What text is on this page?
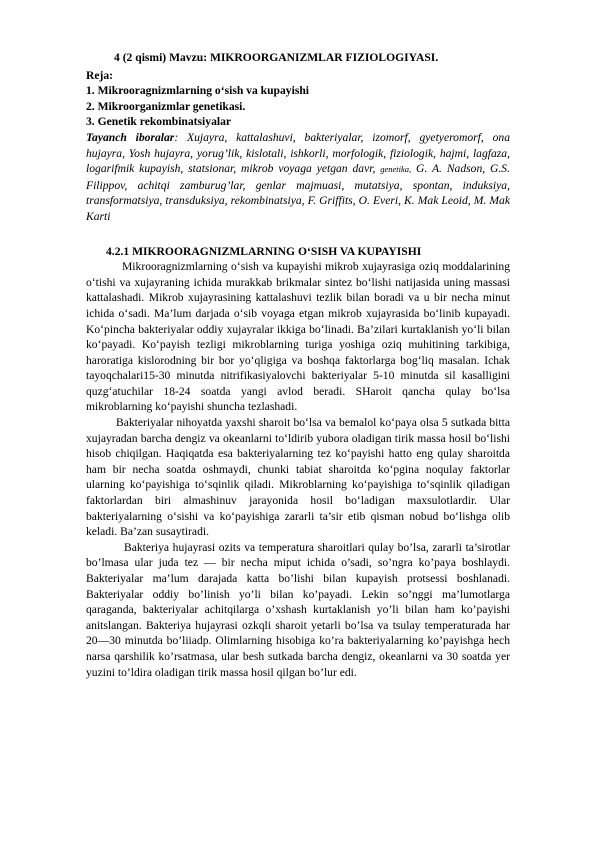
4 (2 qismi) Mavzu: MIKROORGANIZMLAR FIZIOLOGIYASI.
Reja:
1. Mikrooragnizmlarning o‘sish va kupayishi
2. Mikroorganizmlar genetikasi.
3. Genetik rekombinatsiyalar
Tayanch iboralar: Xujayra, kattalashuvi, bakteriyalar, izomorf, gyetyeromorf, ona hujayra, Yosh hujayra, yorug’lik, kislotali, ishkorli, morfologik, fiziologik, hajmi, lagfaza, logarifmik kupayish, statsionar, mikrob voyaga yetgan davr, genetika, G. A. Nadson, G.S. Filippov, achitqi zamburug’lar, genlar majmuasi, mutatsiya, spontan, induksiya, transformatsiya, transduksiya, rekombinatsiya, F. Griffits, O. Everi, K. Mak Leoid, M. Mak Karti
4.2.1 MIKROORAGNIZMLARNING O‘SISH VA KUPAYISHI

Mikrooragnizmlarning o‘sish va kupayishi mikrob xujayrasiga oziq moddalarining o‘tishi va xujayraning ichida murakkab brikmalar sintez bo‘lishi natijasida uning massasi kattalashadi. Mikrob xujayrasining kattalashuvi tezlik bilan boradi va u bir necha minut ichida o‘sadi. Ma’lum darjada o‘sib voyaga etgan mikrob xujayrasida bo‘linib kupayadi. Ko‘pincha bakteriyalar oddiy xujayralar ikkiga bo‘linadi. Ba’zilari kurtaklanish yo‘li bilan ko‘payadi. Ko‘payish tezligi mikroblarning turiga yoshiga oziq muhitining tarkibiga, haroratiga kislorodning bir bor yo‘qligiga va boshqa faktorlarga bog‘liq masalan. Ichak tayoqchalari15-30 minutda nitrifikasiyalovchi bakteriyalar 5-10 minutda sil kasalligini quzg‘atuchilar 18-24 soatda yangi avlod beradi. SHaroit qancha qulay bo‘lsa mikroblarning ko‘payishi shuncha tezlashadi.

Bakteriyalar nihoyatda yaxshi sharoit bo‘lsa va bemalol ko‘paya olsa 5 sutkada bitta xujayradan barcha dengiz va okeanlarni to‘ldirib yubora oladigan tirik massa hosil bo‘lishi hisob chiqilgan. Haqiqatda esa bakteriyalarning tez ko‘payishi hatto eng qulay sharoitda ham bir necha soatda oshmaydi, chunki tabiat sharoitda ko‘pgina noqulay faktorlar ularning ko‘payishiga to‘sqinlik qiladi. Mikroblarning ko‘payishiga to‘sqinlik qiladigan faktorlardan biri almashinuv jarayonida hosil bo‘ladigan maxsulotlardir. Ular bakteriyalarning o‘sishi va ko‘payishiga zararli ta’sir etib qisman nobud bo‘lishga olib keladi. Ba’zan susaytiradi.

Bakteriya hujayrasi ozits va temperatura sharoitlari qulay bo’lsa, zararli ta’sirotlar bo’lmasa ular juda tez — bir necha miput ichida o’sadi, so’ngra ko’paya boshlaydi. Bakteriyalar ma’lum darajada katta bo’lishi bilan kupayish protsessi boshlanadi. Bakteriyalar oddiy bo’linish yo’li bilan ko’payadi. Lekin so’nggi ma’lumotlarga qaraganda, bakteriyalar achitqilarga o’xshash kurtaklanish yo’li bilan ham ko’payishi anitslangan. Bakteriya hujayrasi ozkqli sharoit yetarli bo’lsa va tsulay temperaturada har 20—30 minutda bo’liiadp. Olimlarning hisobiga ko’ra bakteriyalarning ko’payishga hech narsa qarshilik ko’rsatmasa, ular besh sutkada barcha dengiz, okeanlarni va 30 soatda yer yuzini to’ldira oladigan tirik massa hosil qilgan bo’lur edi.
